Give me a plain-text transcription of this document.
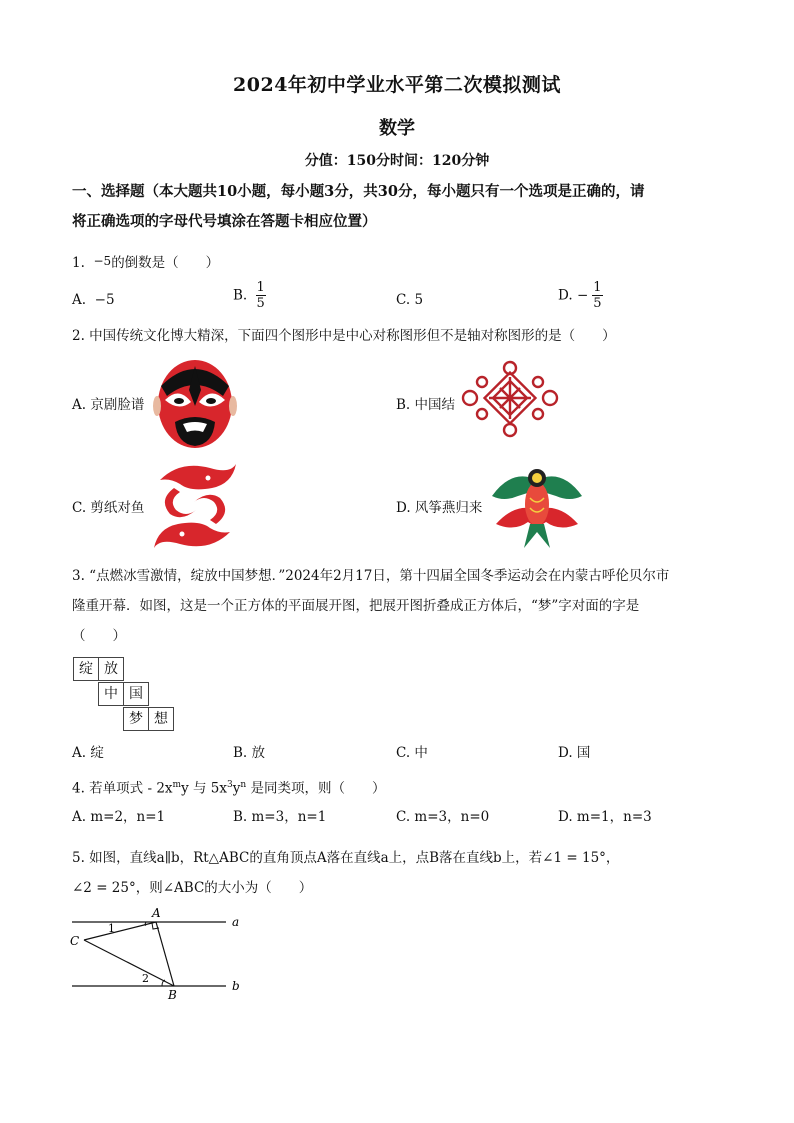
2024年初中学业水平第二次模拟测试
数学
分值：150分时间：120分钟
一、选择题（本大题共10小题，每小题3分，共30分，每小题只有一个选项是正确的，请
将正确选项的字母代号填涂在答题卡相应位置）
1. −5的倒数是（　　）
A. −5	B. $\frac{1}{5}$	C. 5	D. − $\frac{1}{5}$
2. 中国传统文化博大精深，下面四个图形中是中心对称图形但不是轴对称图形的是（　　）
A. 京剧脸谱	B. 中国结
C. 剪纸对鱼	D. 风筝燕归来
3. “点燃冰雪激情，绽放中国梦想．”2024年2月17日，第十四届全国冬季运动会在内蒙古呼伦贝尔市
隆重开幕．如图，这是一个正方体的平面展开图，把展开图折叠成正方体后，“梦”字对面的字是
（　　）
绽 放
中 国
梦 想
A. 绽	B. 放	C. 中	D. 国
4. 若单项式 - $2x^my$ 与 $5x^3y^n$ 是同类项，则（　　）
A. m=2，n=1	B. m=3，n=1	C. m=3，n=0	D. m=1，n=3
5. 如图，直线a∥b，Rt△ABC的直角顶点A落在直线a上，点B落在直线b上，若∠1 = 15°，
∠2 = 25°，则∠ABC的大小为（　　）
A
C
B
a
b
1
2
